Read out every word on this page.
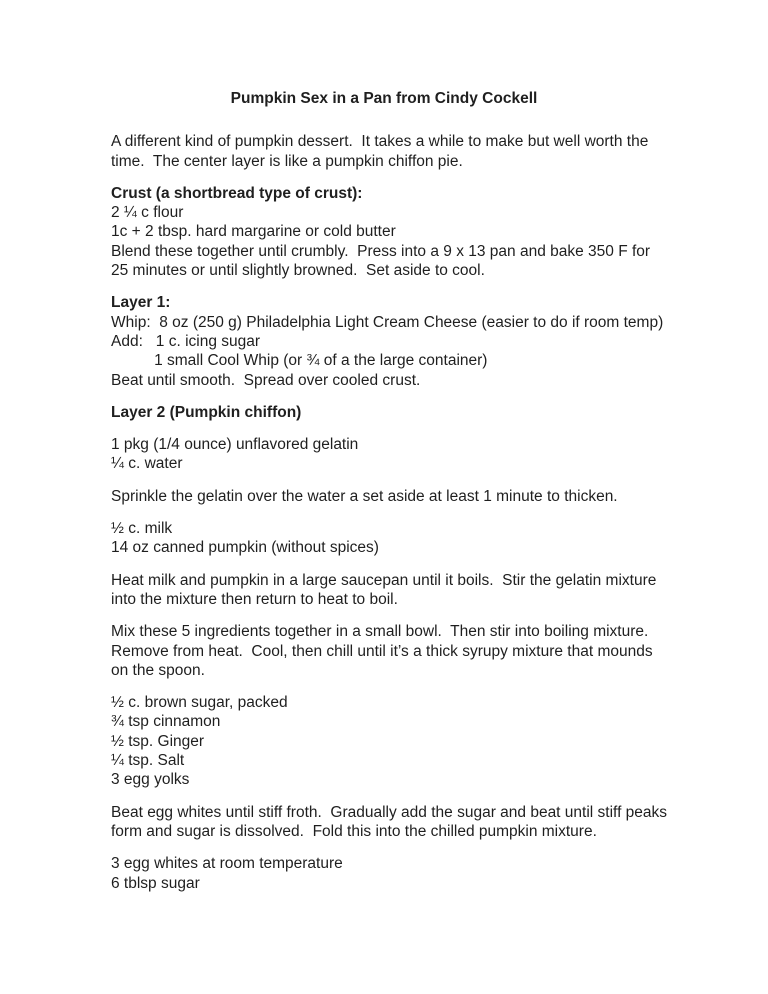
Pumpkin Sex in a Pan from Cindy Cockell
A different kind of pumpkin dessert.  It takes a while to make but well worth the
time.  The center layer is like a pumpkin chiffon pie.
Crust (a shortbread type of crust):
2 ¼ c flour
1c + 2 tbsp. hard margarine or cold butter
Blend these together until crumbly.  Press into a 9 x 13 pan and bake 350 F for
25 minutes or until slightly browned.  Set aside to cool.
Layer 1:
Whip:  8 oz (250 g) Philadelphia Light Cream Cheese (easier to do if room temp)
Add:   1 c. icing sugar
1 small Cool Whip (or ¾ of a the large container)
Beat until smooth.  Spread over cooled crust.
Layer 2 (Pumpkin chiffon)
1 pkg (1/4 ounce) unflavored gelatin
¼ c. water
Sprinkle the gelatin over the water a set aside at least 1 minute to thicken.
½ c. milk
14 oz canned pumpkin (without spices)
Heat milk and pumpkin in a large saucepan until it boils.  Stir the gelatin mixture
into the mixture then return to heat to boil.
Mix these 5 ingredients together in a small bowl.  Then stir into boiling mixture.
Remove from heat.  Cool, then chill until it’s a thick syrupy mixture that mounds
on the spoon.
½ c. brown sugar, packed
¾ tsp cinnamon
½ tsp. Ginger
¼ tsp. Salt
3 egg yolks
Beat egg whites until stiff froth.  Gradually add the sugar and beat until stiff peaks
form and sugar is dissolved.  Fold this into the chilled pumpkin mixture.
3 egg whites at room temperature
6 tblsp sugar
